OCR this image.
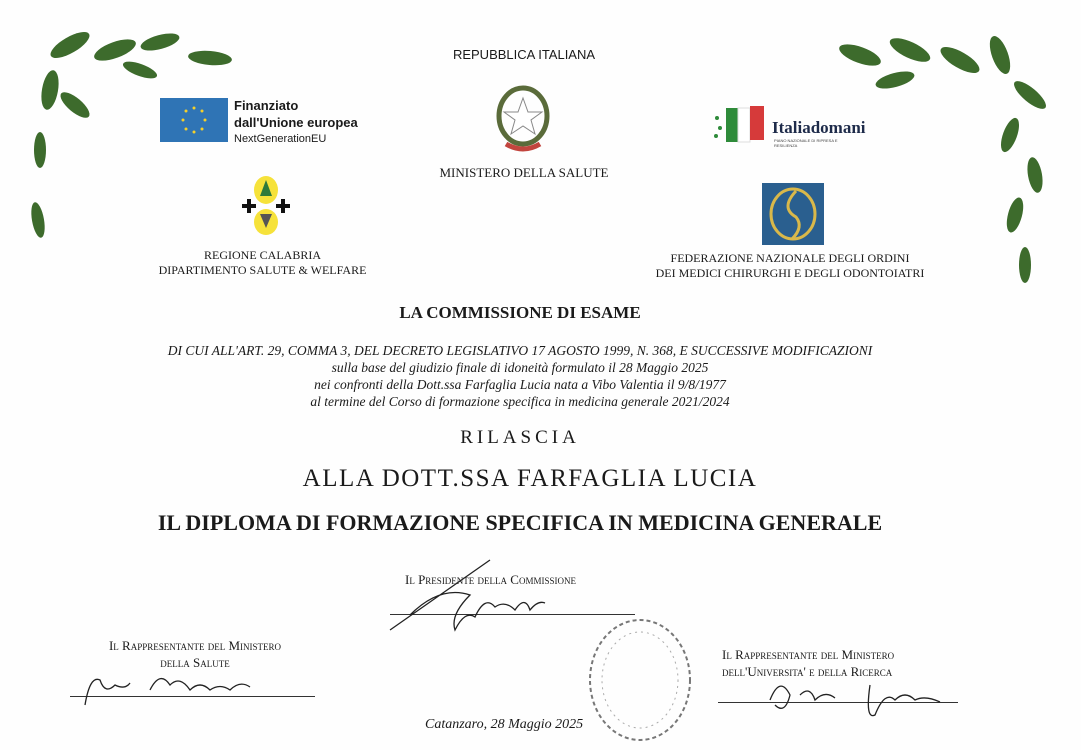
REPUBBLICA ITALIANA
Finanziato
dall'Unione europea
NextGenerationEU
MINISTERO DELLA SALUTE
Italiadomani
PIANO NAZIONALE DI RIPRESA E RESILIENZA
REGIONE CALABRIA
DIPARTIMENTO SALUTE & WELFARE
FEDERAZIONE NAZIONALE DEGLI ORDINI
DEI MEDICI CHIRURGHI E DEGLI ODONTOIATRI
LA COMMISSIONE DI ESAME
DI CUI ALL'ART. 29, COMMA 3, DEL DECRETO LEGISLATIVO 17 AGOSTO 1999, N. 368, E SUCCESSIVE MODIFICAZIONI
sulla base del giudizio finale di idoneità formulato il 28 Maggio 2025
nei confronti della Dott.ssa Farfaglia Lucia nata a Vibo Valentia il 9/8/1977
al termine del Corso di formazione specifica in medicina generale 2021/2024
RILASCIA
ALLA DOTT.SSA FARFAGLIA LUCIA
IL DIPLOMA DI FORMAZIONE SPECIFICA IN MEDICINA GENERALE
Il Presidente della Commissione
Il Rappresentante del Ministero
della Salute
Il Rappresentante del Ministero
dell'Universita' e della Ricerca
Catanzaro, 28 Maggio 2025
